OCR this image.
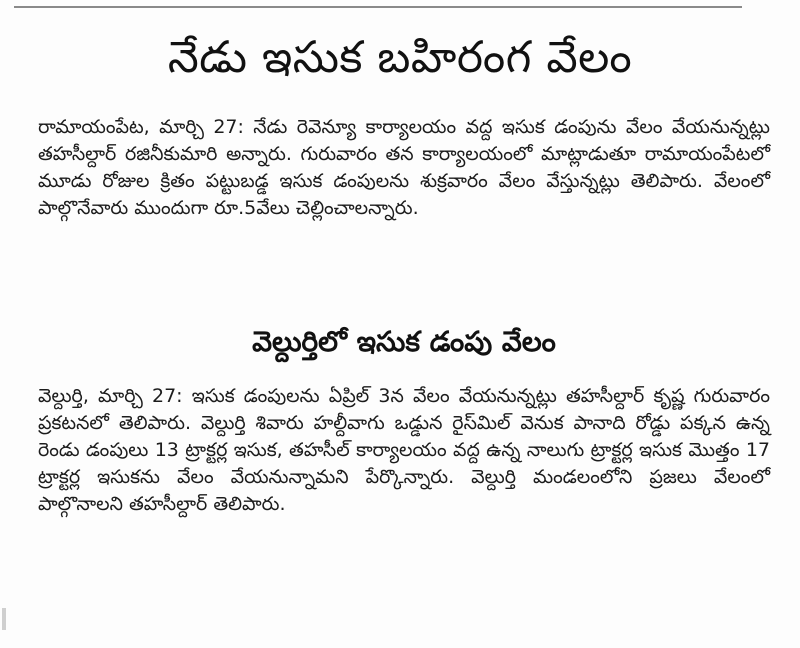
నేడు ఇసుక బహిరంగ వేలం
రామాయంపేట, మార్చి 27: నేడు రెవెన్యూ కార్యాలయం వద్ద ఇసుక డంపును వేలం వేయనున్నట్లు తహసీల్దార్ రజినీకుమారి అన్నారు. గురువారం తన కార్యాలయంలో మాట్లాడుతూ రామాయంపేటలో మూడు రోజుల క్రితం పట్టుబడ్డ ఇసుక డంపులను శుక్రవారం వేలం వేస్తున్నట్లు తెలిపారు. వేలంలో పాల్గొనేవారు ముందుగా రూ.5వేలు చెల్లించాలన్నారు.
వెల్దుర్తిలో ఇసుక డంపు వేలం
వెల్దుర్తి, మార్చి 27: ఇసుక డంపులను ఏప్రిల్ 3న వేలం వేయనున్నట్లు తహసీల్దార్ కృష్ణ గురువారం ప్రకటనలో తెలిపారు. వెల్దుర్తి శివారు హల్దీవాగు ఒడ్డున రైస్‌మిల్ వెనుక పానాది రోడ్డు పక్కన ఉన్న రెండు డంపులు 13 ట్రాక్టర్ల ఇసుక, తహసీల్ కార్యాలయం వద్ద ఉన్న నాలుగు ట్రాక్టర్ల ఇసుక మొత్తం 17 ట్రాక్టర్ల ఇసుకను వేలం వేయనున్నామని పేర్కొన్నారు. వెల్దుర్తి మండలంలోని ప్రజలు వేలంలో పాల్గొనాలని తహసీల్దార్ తెలిపారు.
